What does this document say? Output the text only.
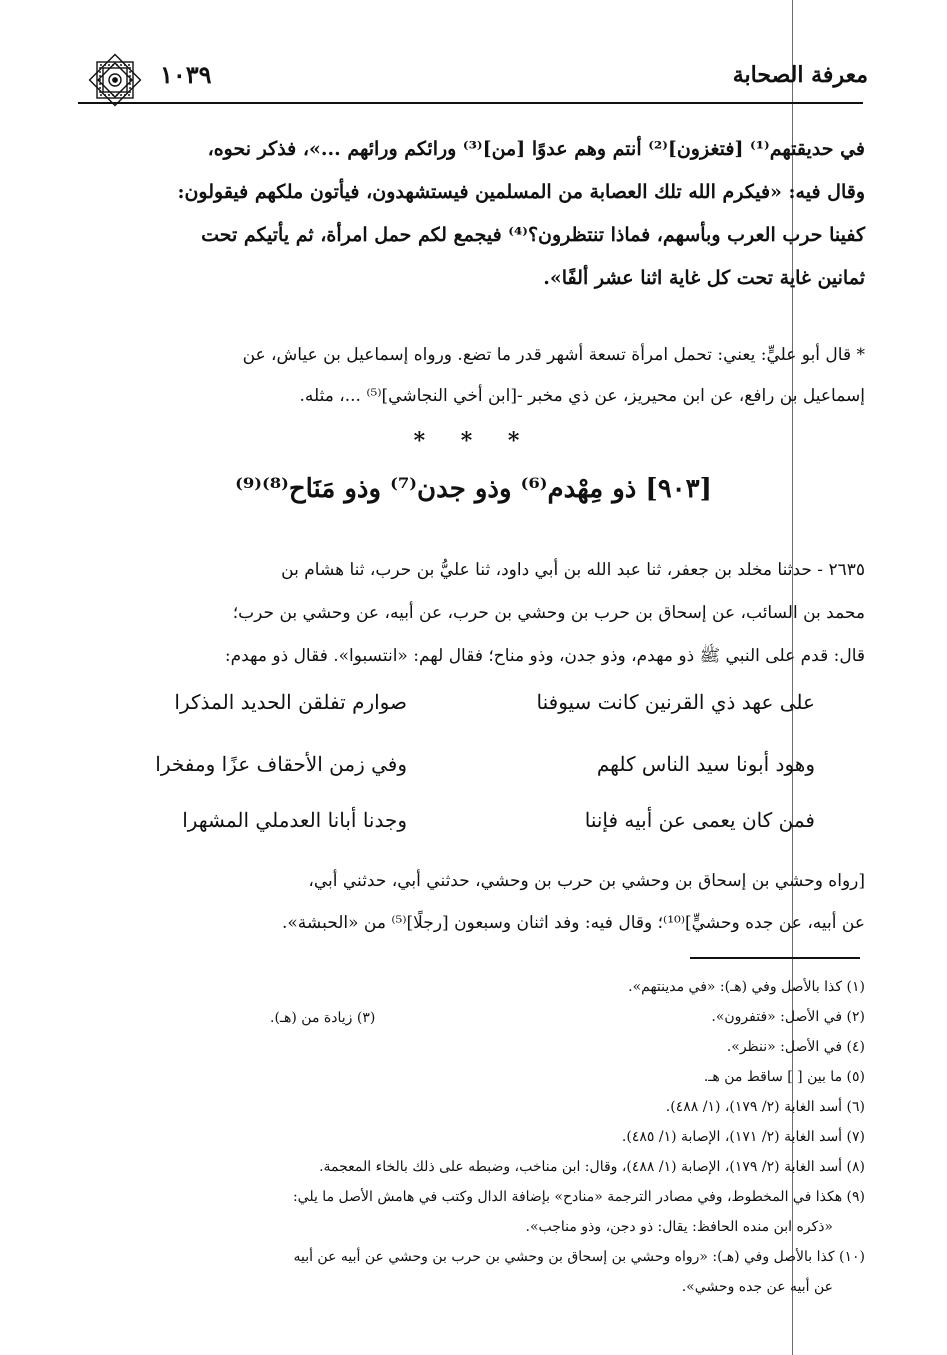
معرفة الصحابة
١٠٣٩
في حديقتهم⁽¹⁾ [فتغزون]⁽²⁾ أنتم وهم عدوًا [من]⁽³⁾ ورائكم ورائهم ...»، فذكر نحوه،
وقال فيه: «فيكرم الله تلك العصابة من المسلمين فيستشهدون، فيأتون ملكهم فيقولون:
كفينا حرب العرب وبأسهم، فماذا تنتظرون؟⁽⁴⁾ فيجمع لكم حمل امرأة، ثم يأتيكم تحت
ثمانين غاية تحت كل غاية اثنا عشر ألفًا».
* قال أبو عليٍّ: يعني: تحمل امرأة تسعة أشهر قدر ما تضع. ورواه إسماعيل بن عياش، عن
إسماعيل بن رافع، عن ابن محيريز، عن ذي مخبر -[ابن أخي النجاشي]⁽⁵⁾ ...، مثله.
* * *
[٩٠٣] ذو مِهْدم⁽⁶⁾ وذو جدن⁽⁷⁾ وذو مَنَاح⁽⁸⁾⁽⁹⁾
٢٦٣٥ - حدثنا مخلد بن جعفر، ثنا عبد الله بن أبي داود، ثنا عليُّ بن حرب، ثنا هشام بن
محمد بن السائب، عن إسحاق بن حرب بن وحشي بن حرب، عن أبيه، عن وحشي بن حرب؛
قال: قدم على النبي ﷺ ذو مهدم، وذو جدن، وذو مناح؛ فقال لهم: «انتسبوا». فقال ذو مهدم:
على عهد ذي القرنين كانت سيوفنا
صوارم تفلقن الحديد المذكرا
وهود أبونا سيد الناس كلهم
وفي زمن الأحقاف عزًا ومفخرا
فمن كان يعمى عن أبيه فإننا
وجدنا أبانا العدملي المشهرا
[رواه وحشي بن إسحاق بن وحشي بن حرب بن وحشي، حدثني أبي، حدثني أبي،
عن أبيه، عن جده وحشيٍّ]⁽¹⁰⁾؛ وقال فيه: وفد اثنان وسبعون [رجلًا]⁽⁵⁾ من «الحبشة».
(١) كذا بالأصل وفي (هـ): «في مدينتهم».
(٢) في الأصل: «فتفرون».
(٤) في الأصل: «ننظر».
(٥) ما بين [ ] ساقط من هـ.
(٦) أسد الغابة (٢/ ١٧٩)، (١/ ٤٨٨).
(٧) أسد الغابة (٢/ ١٧١)، الإصابة (١/ ٤٨٥).
(٨) أسد الغابة (٢/ ١٧٩)، الإصابة (١/ ٤٨٨)، وقال: ابن مناخب، وضبطه على ذلك بالخاء المعجمة.
(٩) هكذا في المخطوط، وفي مصادر الترجمة «منادح» بإضافة الدال وكتب في هامش الأصل ما يلي:
«ذكره ابن منده الحافظ: يقال: ذو دجن، وذو مناجب».
(١٠) كذا بالأصل وفي (هـ): «رواه وحشي بن إسحاق بن وحشي بن حرب بن وحشي عن أبيه عن أبيه
عن أبيه عن جده وحشي».
(٣) زيادة من (هـ).
